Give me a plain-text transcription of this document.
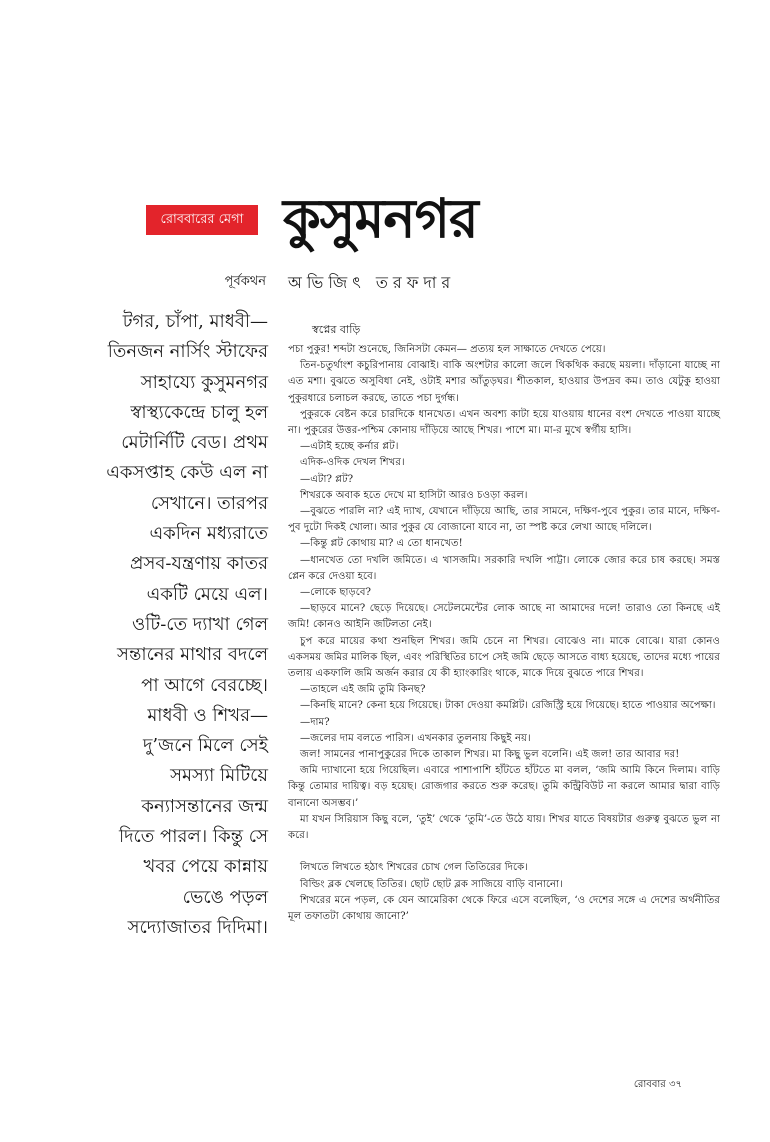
রোববারের মেগা কুসুমনগর
পূর্বকথন অভিজিৎ তরফদার
টগর, চাঁপা, মাধবী—
তিনজন নার্সিং স্টাফের
সাহায্যে কুসুমনগর
স্বাস্থ্যকেন্দ্রে চালু হল
মেটার্নিটি বেড। প্রথম
একসপ্তাহ কেউ এল না
সেখানে। তারপর
একদিন মধ্যরাতে
প্রসব-যন্ত্রণায় কাতর
একটি মেয়ে এল।
ওটি-তে দ্যাখা গেল
সন্তানের মাথার বদলে
পা আগে বেরচ্ছে।
মাধবী ও শিখর—
দু’জনে মিলে সেই
সমস্যা মিটিয়ে
কন্যাসন্তানের জন্ম
দিতে পারল। কিন্তু সে
খবর পেয়ে কান্নায়
ভেঙে পড়ল
সদ্যোজাতর দিদিমা।
স্বপ্নের বাড়ি

পচা পুকুর! শব্দটা শুনেছে, জিনিসটা কেমন— প্রত্যয় হল সাক্ষাতে দেখতে পেয়ে।

তিন-চতুর্থাংশ কচুরিপানায় বোঝাই। বাকি অংশটার কালো জলে থিকথিক করছে ময়লা। দাঁড়ানো যাচ্ছে না এত মশা। বুঝতে অসুবিধা নেই, ওটাই মশার আঁতুড়ঘর। শীতকাল, হাওয়ার উপদ্রব কম। তাও যেটুকু হাওয়া পুকুরধারে চলাচল করছে, তাতে পচা দুর্গন্ধ।

পুকুরকে বেষ্টন করে চারদিকে ধানখেত। এখন অবশ্য কাটা হয়ে যাওয়ায় ধানের বংশ দেখতে পাওয়া যাচ্ছে না। পুকুরের উত্তর-পশ্চিম কোনায় দাঁড়িয়ে আছে শিখর। পাশে মা। মা-র মুখে স্বর্গীয় হাসি।

—এটাই হচ্ছে কর্নার প্লট।

এদিক-ওদিক দেখল শিখর।

—এটা? প্লট?

শিখরকে অবাক হতে দেখে মা হাসিটা আরও চওড়া করল।

—বুঝতে পারলি না? এই দ্যাখ, যেখানে দাঁড়িয়ে আছি, তার সামনে, দক্ষিণ-পুবে পুকুর। তার মানে, দক্ষিণ-পুব দুটো দিকই খোলা। আর পুকুর যে বোজানো যাবে না, তা স্পষ্ট করে লেখা আছে দলিলে।

—কিন্তু প্লট কোথায় মা? এ তো ধানখেত!

—ধানখেত তো দখলি জমিতে। এ খাসজমি। সরকারি দখলি পাট্টা। লোকে জোর করে চাষ করছে। সমস্ত প্লেন করে দেওয়া হবে।

—লোকে ছাড়বে?

—ছাড়বে মানে? ছেড়ে দিয়েছে। সেটেলমেন্টের লোক আছে না আমাদের দলে! তারাও তো কিনছে এই জমি! কোনও আইনি জটিলতা নেই।

চুপ করে মায়ের কথা শুনছিল শিখর। জমি চেনে না শিখর। বোঝেও না। মাকে বোঝে। যারা কোনও একসময় জমির মালিক ছিল, এবং পরিস্থিতির চাপে সেই জমি ছেড়ে আসতে বাধ্য হয়েছে, তাদের মধ্যে পায়ের তলায় একফালি জমি অর্জন করার যে কী হ্যাংকারিং থাকে, মাকে দিয়ে বুঝতে পারে শিখর।

—তাহলে এই জমি তুমি কিনছ?

—কিনছি মানে? কেনা হয়ে গিয়েছে। টাকা দেওয়া কমপ্লিট। রেজিস্ট্রি হয়ে গিয়েছে। হাতে পাওয়ার অপেক্ষা।

—দাম?

—জলের দাম বলতে পারিস। এখনকার তুলনায় কিছুই নয়।

জল! সামনের পানাপুকুরের দিকে তাকাল শিখর। মা কিছু ভুল বলেনি। এই জল! তার আবার দর!

জমি দ্যাখানো হয়ে গিয়েছিল। এবারে পাশাপাশি হাঁটতে হাঁটতে মা বলল, ‘জমি আমি কিনে দিলাম। বাড়ি কিন্তু তোমার দায়িত্ব। বড় হয়েছ। রোজগার করতে শুরু করেছ। তুমি কন্ট্রিবিউট না করলে আমার দ্বারা বাড়ি বানানো অসম্ভব।’

মা যখন সিরিয়াস কিছু বলে, ‘তুই’ থেকে ‘তুমি’-তে উঠে যায়। শিখর যাতে বিষয়টার গুরুত্ব বুঝতে ভুল না করে।

লিখতে লিখতে হঠাৎ শিখরের চোখ গেল তিতিরের দিকে।

বিল্ডিং ব্লক খেলছে তিতির। ছোট ছোট ব্লক সাজিয়ে বাড়ি বানানো।

শিখরের মনে পড়ল, কে যেন আমেরিকা থেকে ফিরে এসে বলেছিল, ‘ও দেশের সঙ্গে এ দেশের অর্থনীতির মূল তফাতটা কোথায় জানো?’

রোববার ৩৭
